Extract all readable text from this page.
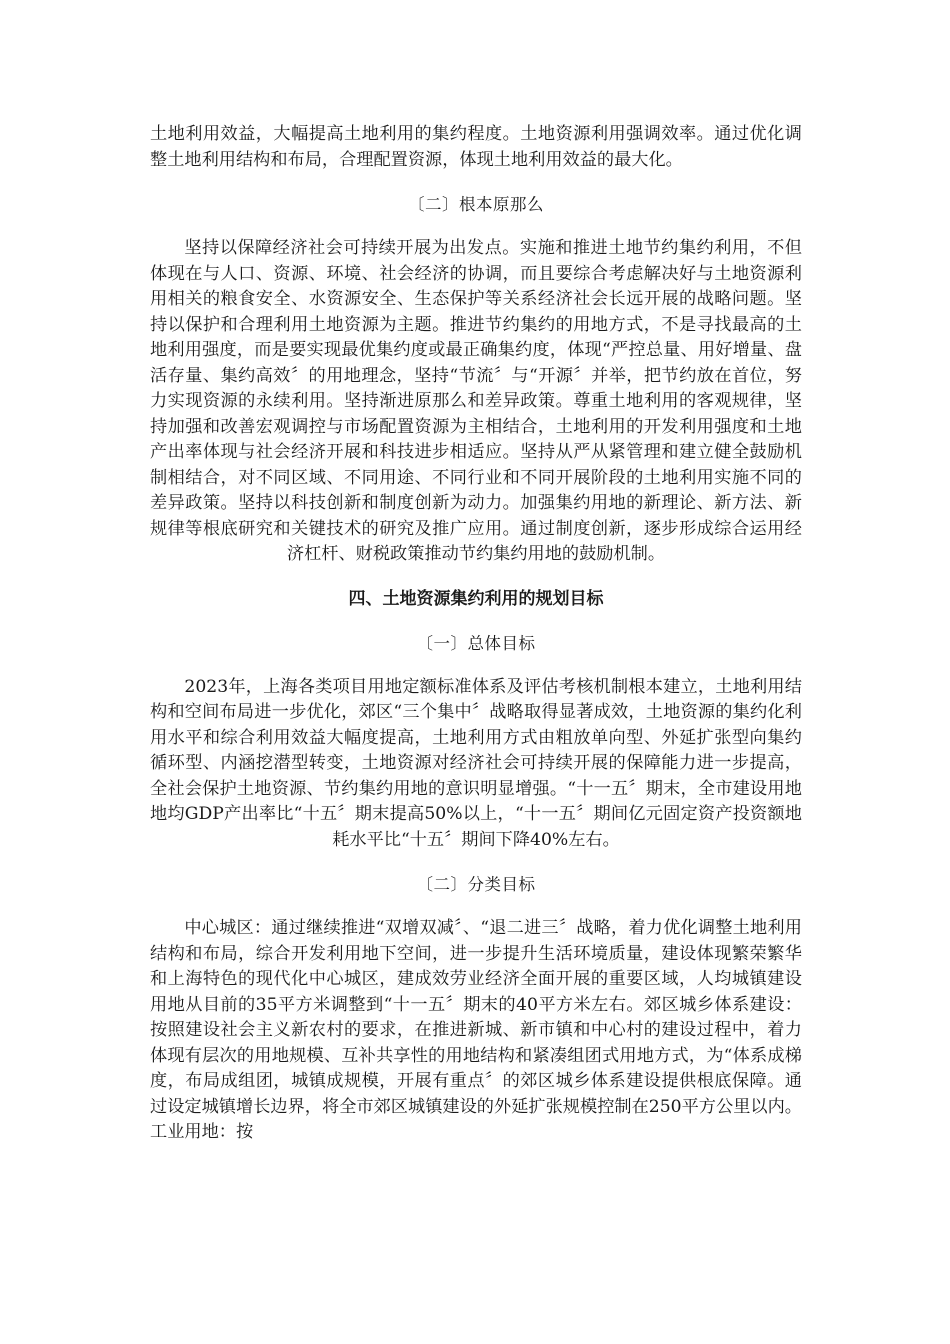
土地利用效益，大幅提高土地利用的集约程度。土地资源利用强调效率。通过优化调整土地利用结构和布局，合理配置资源，体现土地利用效益的最大化。

〔二〕根本原那么

坚持以保障经济社会可持续开展为出发点。实施和推进土地节约集约利用，不但体现在与人口、资源、环境、社会经济的协调，而且要综合考虑解决好与土地资源利用相关的粮食安全、水资源安全、生态保护等关系经济社会长远开展的战略问题。坚持以保护和合理利用土地资源为主题。推进节约集约的用地方式，不是寻找最高的土地利用强度，而是要实现最优集约度或最正确集约度，体现“严控总量、用好增量、盘活存量、集约高效〞的用地理念，坚持“节流〞与“开源〞并举，把节约放在首位，努力实现资源的永续利用。坚持渐进原那么和差异政策。尊重土地利用的客观规律，坚持加强和改善宏观调控与市场配置资源为主相结合，土地利用的开发利用强度和土地产出率体现与社会经济开展和科技进步相适应。坚持从严从紧管理和建立健全鼓励机制相结合，对不同区域、不同用途、不同行业和不同开展阶段的土地利用实施不同的差异政策。坚持以科技创新和制度创新为动力。加强集约用地的新理论、新方法、新规律等根底研究和关键技术的研究及推广应用。通过制度创新，逐步形成综合运用经济杠杆、财税政策推动节约集约用地的鼓励机制。

四、土地资源集约利用的规划目标

〔一〕总体目标

2023年，上海各类项目用地定额标准体系及评估考核机制根本建立，土地利用结构和空间布局进一步优化，郊区“三个集中〞战略取得显著成效，土地资源的集约化利用水平和综合利用效益大幅度提高，土地利用方式由粗放单向型、外延扩张型向集约循环型、内涵挖潜型转变，土地资源对经济社会可持续开展的保障能力进一步提高，全社会保护土地资源、节约集约用地的意识明显增强。“十一五〞期末，全市建设用地地均GDP产出率比“十五〞期末提高50%以上，“十一五〞期间亿元固定资产投资额地耗水平比“十五〞期间下降40%左右。

〔二〕分类目标

中心城区：通过继续推进“双增双减〞、“退二进三〞战略，着力优化调整土地利用结构和布局，综合开发利用地下空间，进一步提升生活环境质量，建设体现繁荣繁华和上海特色的现代化中心城区，建成效劳业经济全面开展的重要区域，人均城镇建设用地从目前的35平方米调整到“十一五〞期末的40平方米左右。郊区城乡体系建设：按照建设社会主义新农村的要求，在推进新城、新市镇和中心村的建设过程中，着力体现有层次的用地规模、互补共享性的用地结构和紧凑组团式用地方式，为“体系成梯度，布局成组团，城镇成规模，开展有重点〞的郊区城乡体系建设提供根底保障。通过设定城镇增长边界，将全市郊区城镇建设的外延扩张规模控制在250平方公里以内。工业用地：按
